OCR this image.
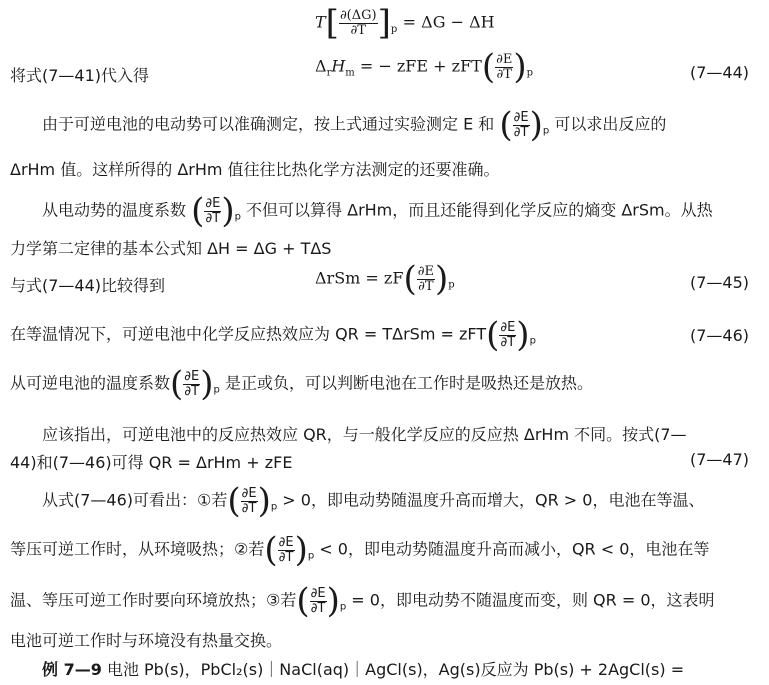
$T[ \frac{\partial(\Delta G)}{\partial T} ]_p = \Delta G - \Delta H$
将式(7—41)代入得	$\Delta_rH_m$ = − zFE + $zFT( \frac{\partial E}{\partial T} )_p$	(7—44)
由于可逆电池的电动势可以准确测定，按上式通过实验测定 E 和 ( $\frac{\partial E}{\partial T} )_p$ 可以求出反应的
ΔrHm 值。这样所得的 ΔrHm 值往往比热化学方法测定的还要准确。
从电动势的温度系数 ( $\frac{\partial E}{\partial T} )_p$ 不但可以算得 ΔrHm，而且还能得到化学反应的熵变 ΔrSm。从热
力学第二定律的基本公式知 ΔH = ΔG + TΔS
与式(7—44)比较得到	$\Delta rSm = zF( \frac{\partial E}{\partial T} )_p$	(7—45)
在等温情况下，可逆电池中化学反应热效应为 QR = $T\Delta rSm = zFT( \frac{\partial E}{\partial T} )_p$	(7—46)
从可逆电池的温度系数( $\frac{\partial E}{\partial T} )_p$ 是正或负，可以判断电池在工作时是吸热还是放热。
应该指出，可逆电池中的反应热效应 QR，与一般化学反应的反应热 ΔrHm 不同。按式(7—
44)和(7—46)可得 QR = ΔrHm + zFE	(7—47)
从式(7—46)可看出：①若( $\frac{\partial E}{\partial T} )_p > 0$，即电动势随温度升高而增大，QR > 0，电池在等温、
等压可逆工作时，从环境吸热；②若( $\frac{\partial E}{\partial T} )_p < 0$，即电动势随温度升高而减小，QR < 0，电池在等
温、等压可逆工作时要向环境放热；③若( $\frac{\partial E}{\partial T} )_p = 0$，即电动势不随温度而变，则 QR = 0，这表明
电池可逆工作时与环境没有热量交换。
例 7—9 电池 Pb(s)，PbCl₂(s)｜NaCl(aq)｜AgCl(s)，Ag(s)反应为 Pb(s) + 2AgCl(s) =
